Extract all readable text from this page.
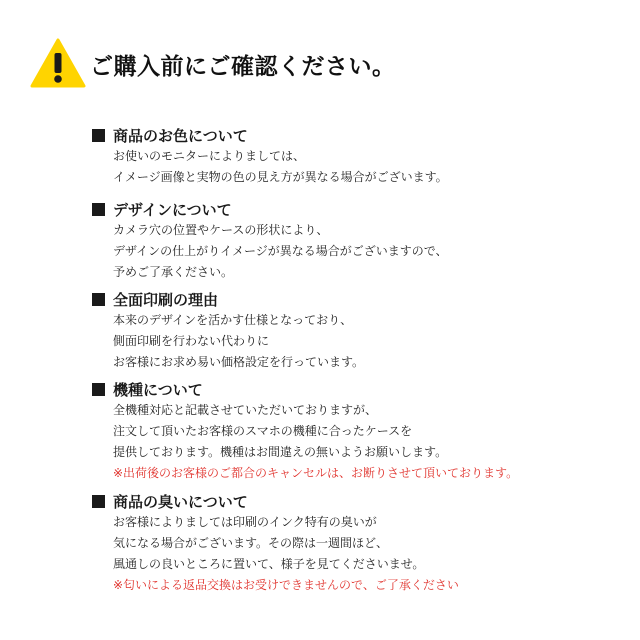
ご購入前にご確認ください。
商品のお色について
お使いのモニターによりましては、
イメージ画像と実物の色の見え方が異なる場合がございます。
デザインについて
カメラ穴の位置やケースの形状により、
デザインの仕上がりイメージが異なる場合がございますので、
予めご了承ください。
全面印刷の理由
本来のデザインを活かす仕様となっており、
側面印刷を行わない代わりに
お客様にお求め易い価格設定を行っています。
機種について
全機種対応と記載させていただいておりますが、
注文して頂いたお客様のスマホの機種に合ったケースを
提供しております。機種はお間違えの無いようお願いします。
※出荷後のお客様のご都合のキャンセルは、お断りさせて頂いております。
商品の臭いについて
お客様によりましては印刷のインク特有の臭いが
気になる場合がございます。その際は一週間ほど、
風通しの良いところに置いて、様子を見てくださいませ。
※匂いによる返品交換はお受けできませんので、ご了承ください
